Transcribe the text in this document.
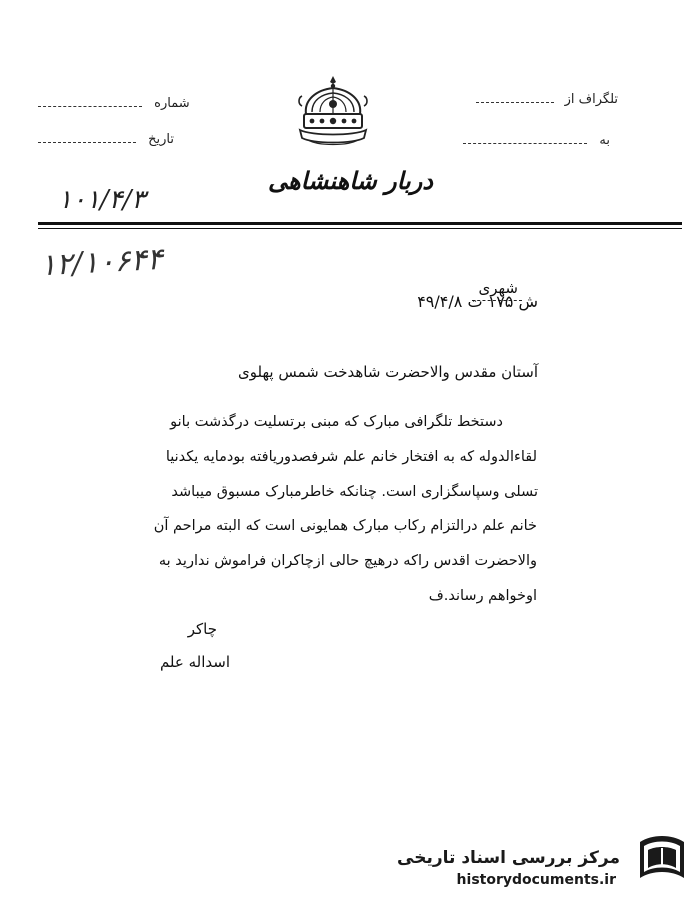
دربار شاهنشاهی
تلگراف از
به
شماره
تاریخ
۱۰۱/۴/۳
۱۲/۱۰۶۴۴
شهری
ش ۱۷۵ ت ۴۹/۴/۸
آستان مقدس والاحضرت شاهدخت شمس پهلوی
دستخط تلگرافی مبارک که مبنی برتسلیت درگذشت بانو
لقاءالدوله که به افتخار خانم علم شرفصدوریافته بودمایه یکدنیا
تسلی وسپاسگزاری است. چنانکه خاطرمبارک مسبوق میباشد
خانم علم درالتزام رکاب مبارک همایونی است که البته مراحم آن
والاحضرت اقدس راکه درهیچ حالی ازچاکران فراموش ندارید به
اوخواهم رساند.ف
چاکر
اسداله علم
مرکز بررسی اسناد تاریخی
historydocuments.ir
